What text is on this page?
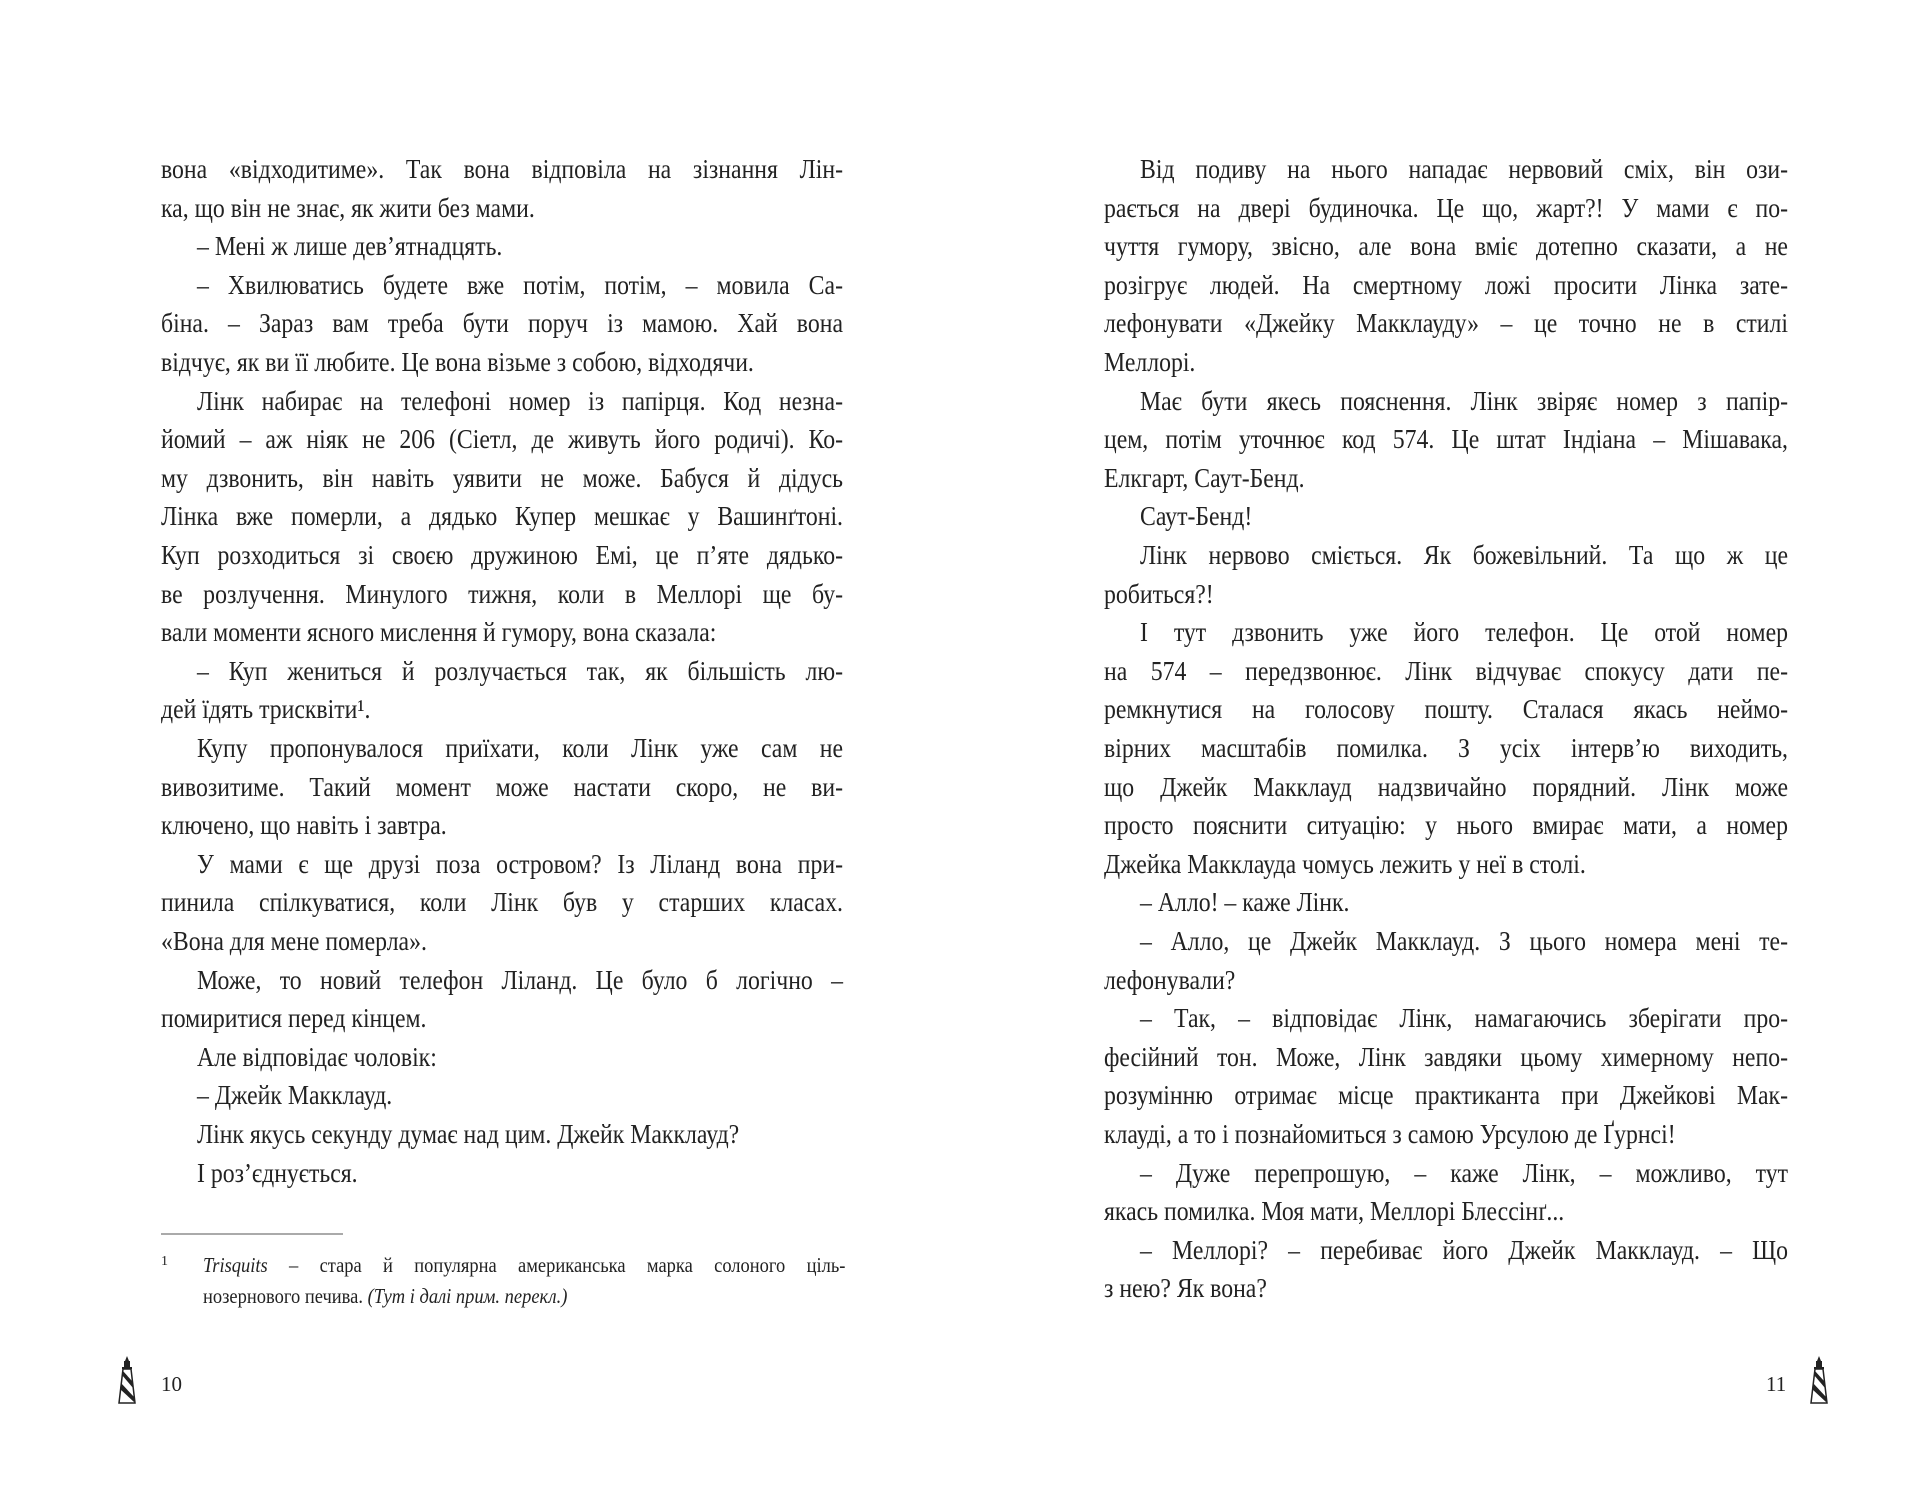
вона «відходитиме». Так вона відповіла на зізнання Лін-
ка, що він не знає, як жити без мами.
– Мені ж лише дев’ятнадцять.
– Хвилюватись будете вже потім, потім, – мовила Са-
біна. – Зараз вам треба бути поруч із мамою. Хай вона
відчує, як ви її любите. Це вона візьме з собою, відходячи.
Лінк набирає на телефоні номер із папірця. Код незна-
йомий – аж ніяк не 206 (Сіетл, де живуть його родичі). Ко-
му дзвонить, він навіть уявити не може. Бабуся й дідусь
Лінка вже померли, а дядько Купер мешкає у Вашинґтоні.
Куп розходиться зі своєю дружиною Емі, це п’яте дядько-
ве розлучення. Минулого тижня, коли в Меллорі ще бу-
вали моменти ясного мислення й гумору, вона сказала:
– Куп жениться й розлучається так, як більшість лю-
дей їдять трисквіти¹.
Купу пропонувалося приїхати, коли Лінк уже сам не
вивозитиме. Такий момент може настати скоро, не ви-
ключено, що навіть і завтра.
У мами є ще друзі поза островом? Із Ліланд вона при-
пинила спілкуватися, коли Лінк був у старших класах.
«Вона для мене померла».
Може, то новий телефон Ліланд. Це було б логічно –
помиритися перед кінцем.
Але відповідає чоловік:
– Джейк Макклауд.
Лінк якусь секунду думає над цим. Джейк Макклауд?
І роз’єднується.
Від подиву на нього нападає нервовий сміх, він ози-
рається на двері будиночка. Це що, жарт?! У мами є по-
чуття гумору, звісно, але вона вміє дотепно сказати, а не
розігрує людей. На смертному ложі просити Лінка зате-
лефонувати «Джейку Макклауду» – це точно не в стилі
Меллорі.
Має бути якесь пояснення. Лінк звіряє номер з папір-
цем, потім уточнює код 574. Це штат Індіана – Мішавака,
Елкгарт, Саут-Бенд.
Саут-Бенд!
Лінк нервово сміється. Як божевільний. Та що ж це
робиться?!
І тут дзвонить уже його телефон. Це отой номер
на 574 – передзвонює. Лінк відчуває спокусу дати пе-
ремкнутися на голосову пошту. Сталася якась неймо-
вірних масштабів помилка. З усіх інтерв’ю виходить,
що Джейк Макклауд надзвичайно порядний. Лінк може
просто пояснити ситуацію: у нього вмирає мати, а номер
Джейка Макклауда чомусь лежить у неї в столі.
– Алло! – каже Лінк.
– Алло, це Джейк Макклауд. З цього номера мені те-
лефонували?
– Так, – відповідає Лінк, намагаючись зберігати про-
фесійний тон. Може, Лінк завдяки цьому химерному непо-
розумінню отримає місце практиканта при Джейкові Мак-
клауді, а то і познайомиться з самою Урсулою де Ґурнсі!
– Дуже перепрошую, – каже Лінк, – можливо, тут
якась помилка. Моя мати, Меллорі Блессінґ...
– Меллорі? – перебиває його Джейк Макклауд. – Що
з нею? Як вона?
1 Trisquits – стара й популярна американська марка солоного ціль-
нозернового печива. (Тут і далі прим. перекл.)
10	11
